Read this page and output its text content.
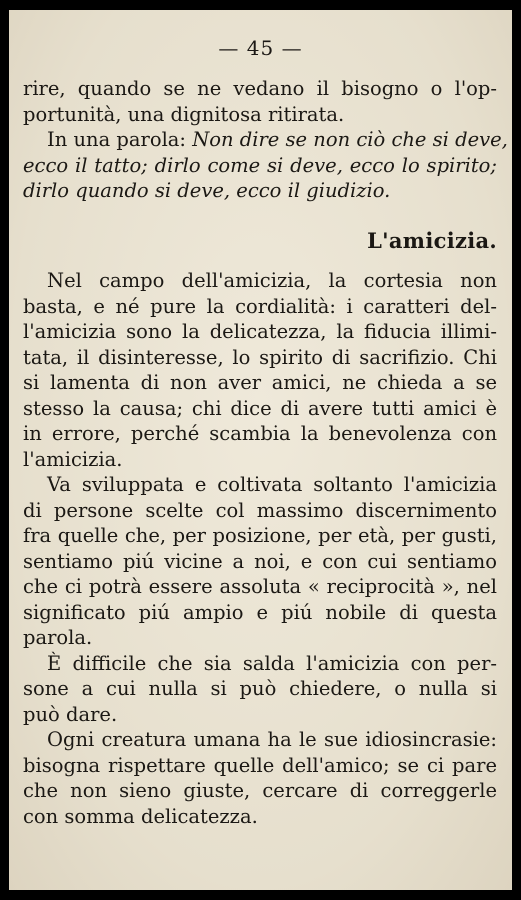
— 45 —
rire, quando se ne vedano il bisogno o l'op-
portunità, una dignitosa ritirata.
In una parola: Non dire se non ciò che si deve,
ecco il tatto; dirlo come si deve, ecco lo spirito;
dirlo quando si deve, ecco il giudizio.
L'amicizia.
Nel campo dell'amicizia, la cortesia non
basta, e né pure la cordialità: i caratteri del-
l'amicizia sono la delicatezza, la fiducia illimi-
tata, il disinteresse, lo spirito di sacrifizio. Chi
si lamenta di non aver amici, ne chieda a se
stesso la causa; chi dice di avere tutti amici è
in errore, perché scambia la benevolenza con
l'amicizia.
Va sviluppata e coltivata soltanto l'amicizia
di persone scelte col massimo discernimento
fra quelle che, per posizione, per età, per gusti,
sentiamo piú vicine a noi, e con cui sentiamo
che ci potrà essere assoluta « reciprocità », nel
significato piú ampio e piú nobile di questa
parola.
È difficile che sia salda l'amicizia con per-
sone a cui nulla si può chiedere, o nulla si
può dare.
Ogni creatura umana ha le sue idiosincrasie:
bisogna rispettare quelle dell'amico; se ci pare
che non sieno giuste, cercare di correggerle
con somma delicatezza.
